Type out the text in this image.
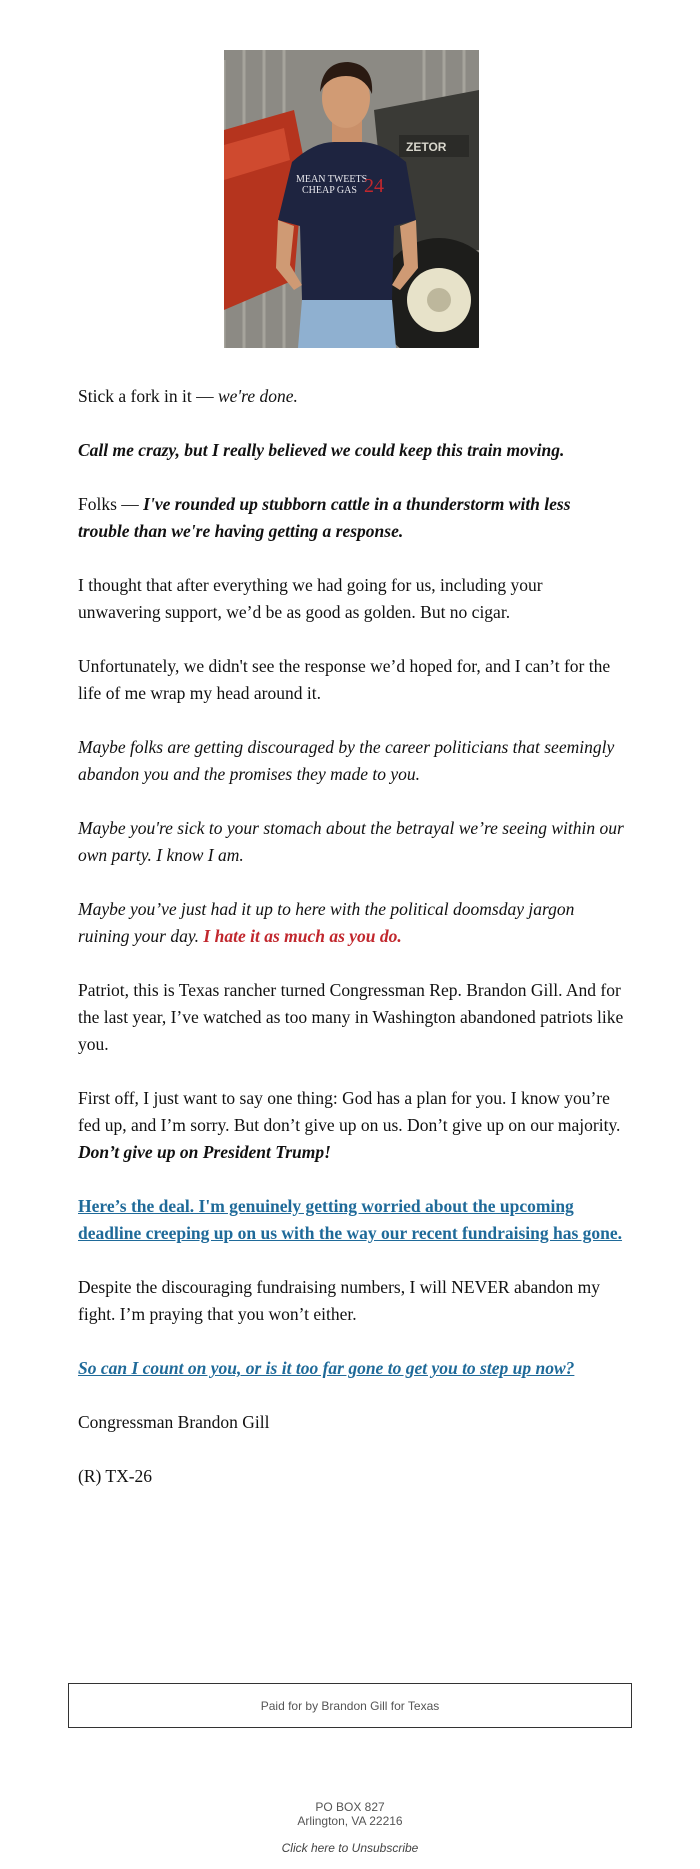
ZETOR
MEAN TWEETS
CHEAP GAS 24

Stick a fork in it — we're done.

Call me crazy, but I really believed we could keep this train moving.

Folks — I've rounded up stubborn cattle in a thunderstorm with less trouble than we're having getting a response.

I thought that after everything we had going for us, including your unwavering support, we’d be as good as golden. But no cigar.

Unfortunately, we didn't see the response we’d hoped for, and I can’t for the life of me wrap my head around it.

Maybe folks are getting discouraged by the career politicians that seemingly abandon you and the promises they made to you.

Maybe you're sick to your stomach about the betrayal we’re seeing within our own party. I know I am.

Maybe you’ve just had it up to here with the political doomsday jargon ruining your day. I hate it as much as you do.

Patriot, this is Texas rancher turned Congressman Rep. Brandon Gill. And for the last year, I’ve watched as too many in Washington abandoned patriots like you.

First off, I just want to say one thing: God has a plan for you. I know you’re fed up, and I’m sorry. But don’t give up on us. Don’t give up on our majority. Don’t give up on President Trump!

Here’s the deal. I'm genuinely getting worried about the upcoming deadline creeping up on us with the way our recent fundraising has gone.

Despite the discouraging fundraising numbers, I will NEVER abandon my fight. I’m praying that you won’t either.

So can I count on you, or is it too far gone to get you to step up now?

Congressman Brandon Gill

(R) TX-26

Paid for by Brandon Gill for Texas
PO BOX 827
Arlington, VA 22216
Click here to Unsubscribe
